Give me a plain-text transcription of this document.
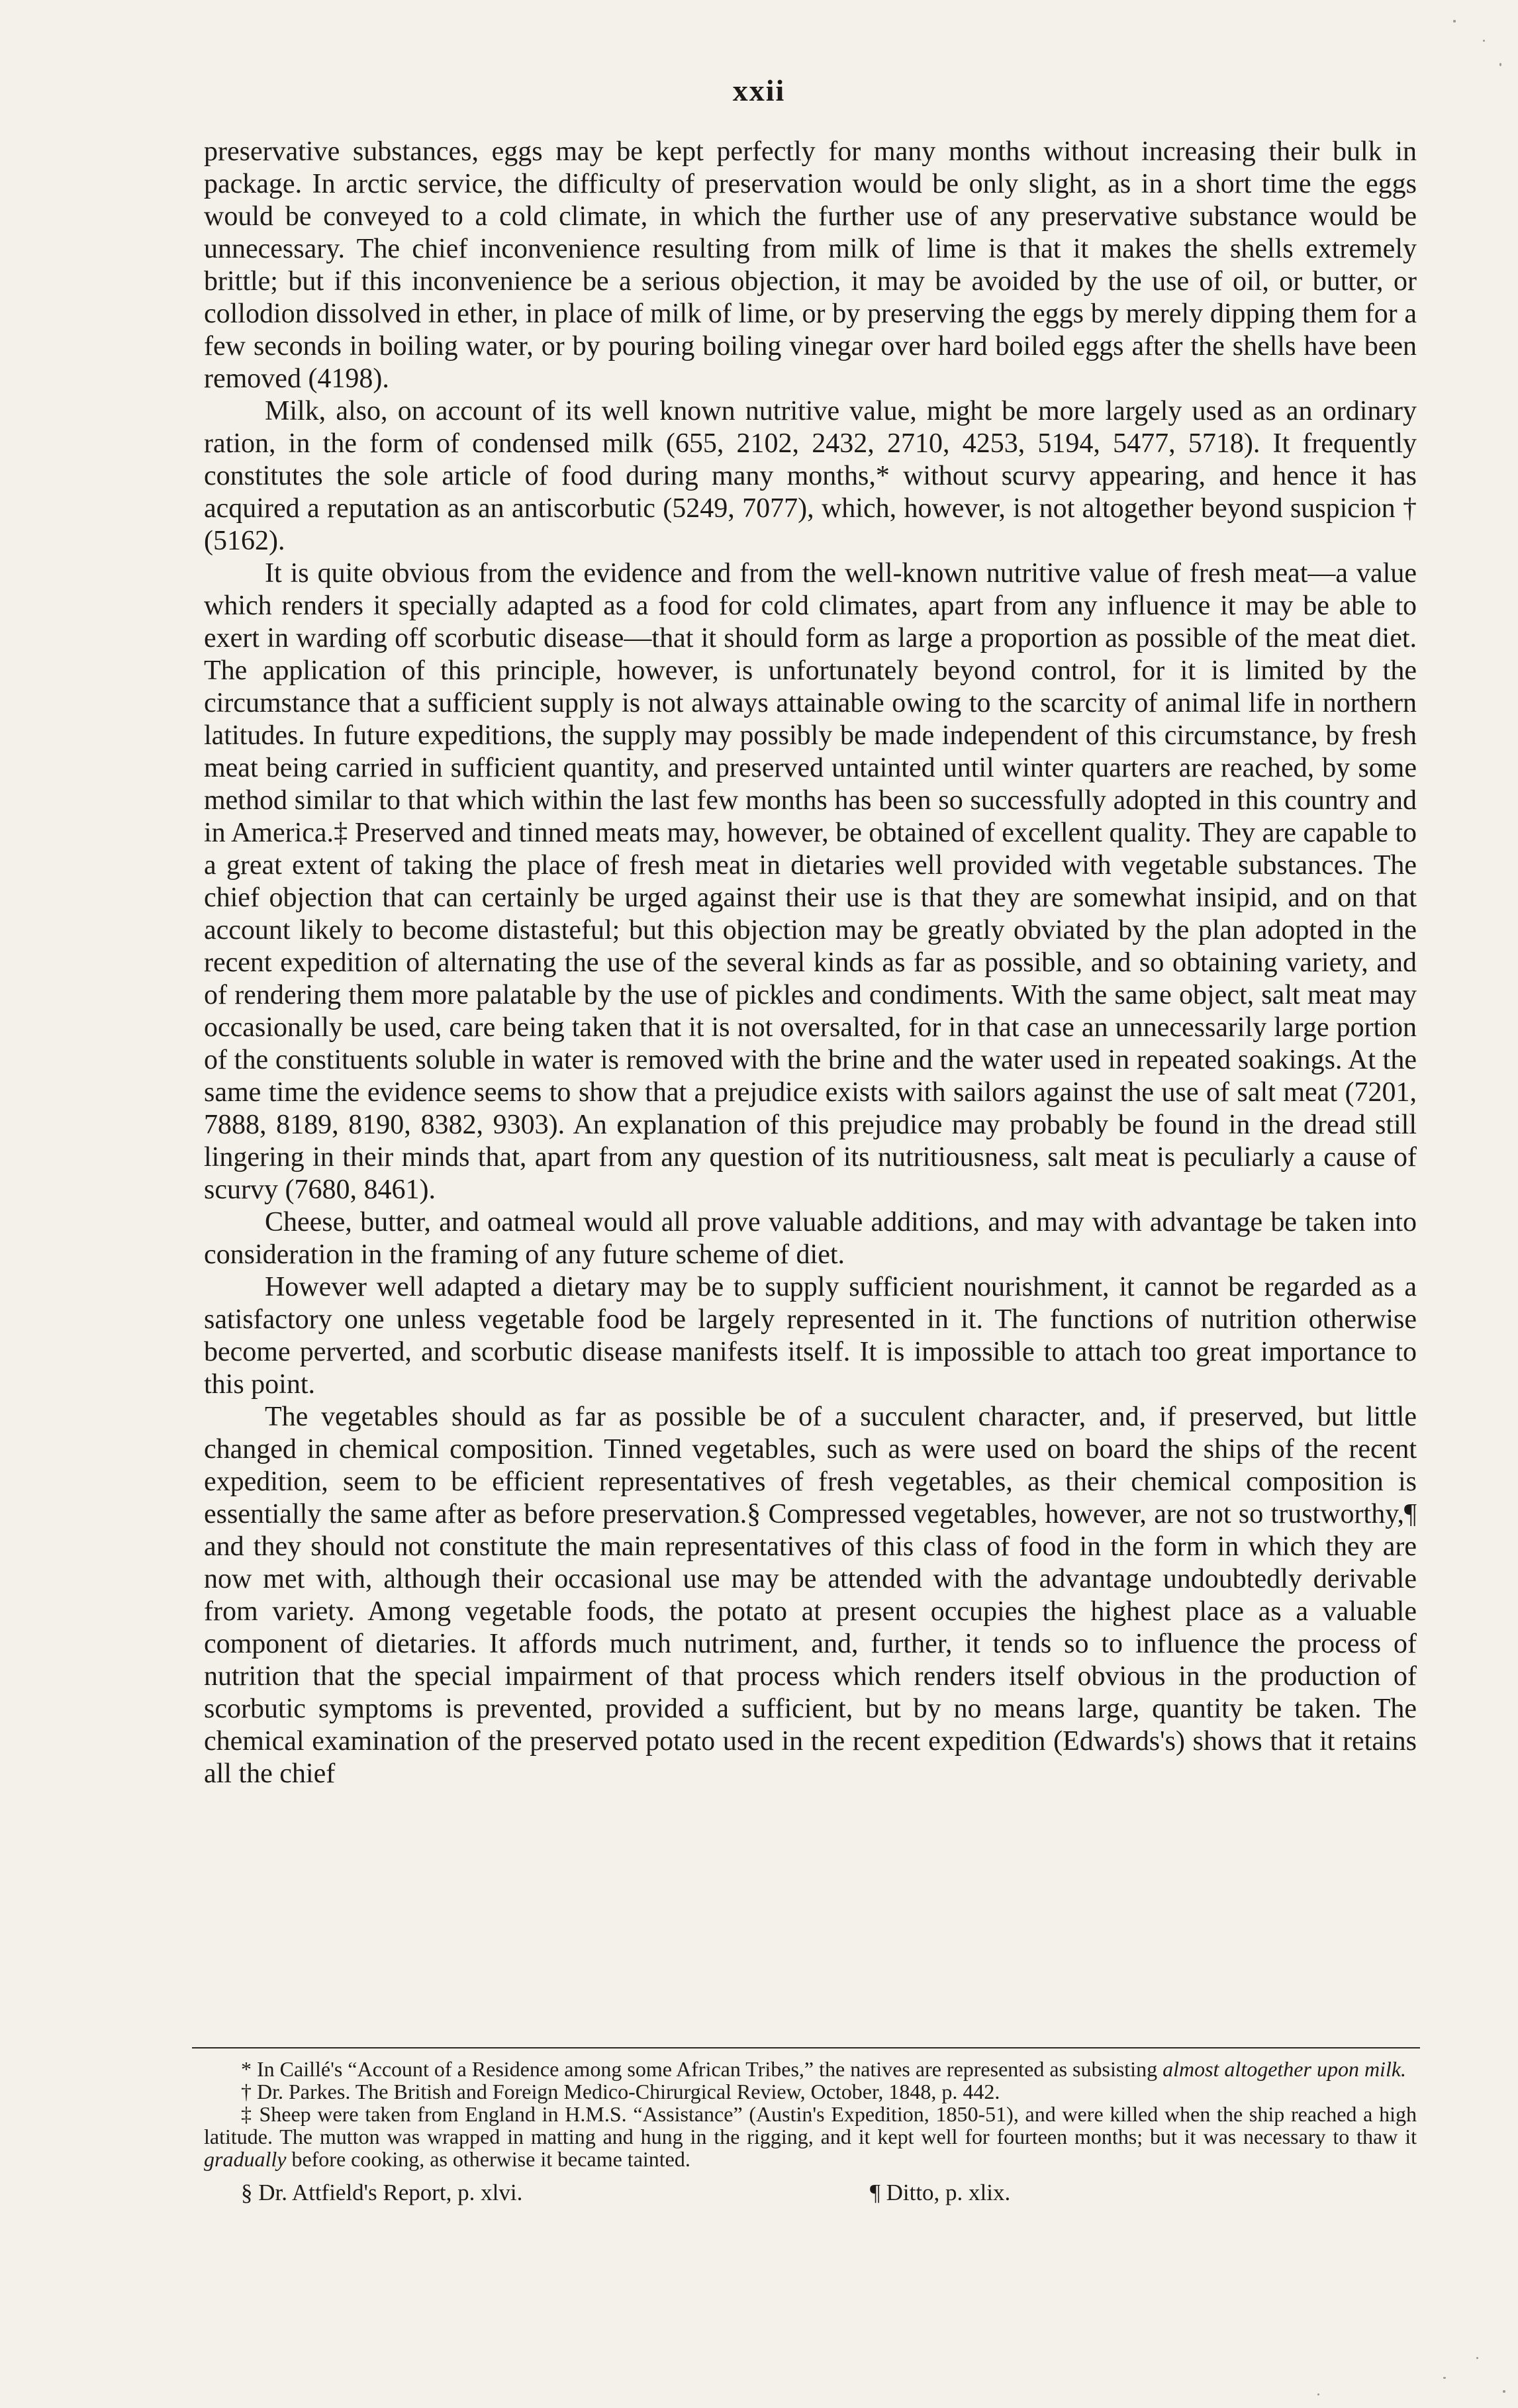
xxii

preservative substances, eggs may be kept perfectly for many months without increasing their bulk in package. In arctic service, the difficulty of preservation would be only slight, as in a short time the eggs would be conveyed to a cold climate, in which the further use of any preservative substance would be unnecessary. The chief inconvenience resulting from milk of lime is that it makes the shells extremely brittle; but if this inconvenience be a serious objection, it may be avoided by the use of oil, or butter, or collodion dissolved in ether, in place of milk of lime, or by preserving the eggs by merely dipping them for a few seconds in boiling water, or by pouring boiling vinegar over hard boiled eggs after the shells have been removed (4198).

Milk, also, on account of its well known nutritive value, might be more largely used as an ordinary ration, in the form of condensed milk (655, 2102, 2432, 2710, 4253, 5194, 5477, 5718). It frequently constitutes the sole article of food during many months,* without scurvy appearing, and hence it has acquired a reputation as an antiscorbutic (5249, 7077), which, however, is not altogether beyond suspicion † (5162).

It is quite obvious from the evidence and from the well-known nutritive value of fresh meat—a value which renders it specially adapted as a food for cold climates, apart from any influence it may be able to exert in warding off scorbutic disease—that it should form as large a proportion as possible of the meat diet. The application of this principle, however, is unfortunately beyond control, for it is limited by the circumstance that a sufficient supply is not always attainable owing to the scarcity of animal life in northern latitudes. In future expeditions, the supply may possibly be made independent of this circumstance, by fresh meat being carried in sufficient quantity, and preserved untainted until winter quarters are reached, by some method similar to that which within the last few months has been so successfully adopted in this country and in America.‡ Preserved and tinned meats may, however, be obtained of excellent quality. They are capable to a great extent of taking the place of fresh meat in dietaries well provided with vegetable substances. The chief objection that can certainly be urged against their use is that they are somewhat insipid, and on that account likely to become distasteful; but this objection may be greatly obviated by the plan adopted in the recent expedition of alternating the use of the several kinds as far as possible, and so obtaining variety, and of rendering them more palatable by the use of pickles and condiments. With the same object, salt meat may occasionally be used, care being taken that it is not oversalted, for in that case an unnecessarily large portion of the constituents soluble in water is removed with the brine and the water used in repeated soakings. At the same time the evidence seems to show that a prejudice exists with sailors against the use of salt meat (7201, 7888, 8189, 8190, 8382, 9303). An explanation of this prejudice may probably be found in the dread still lingering in their minds that, apart from any question of its nutritiousness, salt meat is peculiarly a cause of scurvy (7680, 8461).

Cheese, butter, and oatmeal would all prove valuable additions, and may with advantage be taken into consideration in the framing of any future scheme of diet.

However well adapted a dietary may be to supply sufficient nourishment, it cannot be regarded as a satisfactory one unless vegetable food be largely represented in it. The functions of nutrition otherwise become perverted, and scorbutic disease manifests itself. It is impossible to attach too great importance to this point.

The vegetables should as far as possible be of a succulent character, and, if preserved, but little changed in chemical composition. Tinned vegetables, such as were used on board the ships of the recent expedition, seem to be efficient representatives of fresh vegetables, as their chemical composition is essentially the same after as before preservation.§ Compressed vegetables, however, are not so trustworthy,¶ and they should not constitute the main representatives of this class of food in the form in which they are now met with, although their occasional use may be attended with the advantage undoubtedly derivable from variety. Among vegetable foods, the potato at present occupies the highest place as a valuable component of dietaries. It affords much nutriment, and, further, it tends so to influence the process of nutrition that the special impairment of that process which renders itself obvious in the production of scorbutic symptoms is prevented, provided a sufficient, but by no means large, quantity be taken. The chemical examination of the preserved potato used in the recent expedition (Edwards's) shows that it retains all the chief

* In Caillé's “Account of a Residence among some African Tribes,” the natives are represented as subsisting almost altogether upon milk.

† Dr. Parkes. The British and Foreign Medico-Chirurgical Review, October, 1848, p. 442.

‡ Sheep were taken from England in H.M.S. “Assistance” (Austin's Expedition, 1850-51), and were killed when the ship reached a high latitude. The mutton was wrapped in matting and hung in the rigging, and it kept well for fourteen months; but it was necessary to thaw it gradually before cooking, as otherwise it became tainted.

§ Dr. Attfield's Report, p. xlvi.	¶ Ditto, p. xlix.
